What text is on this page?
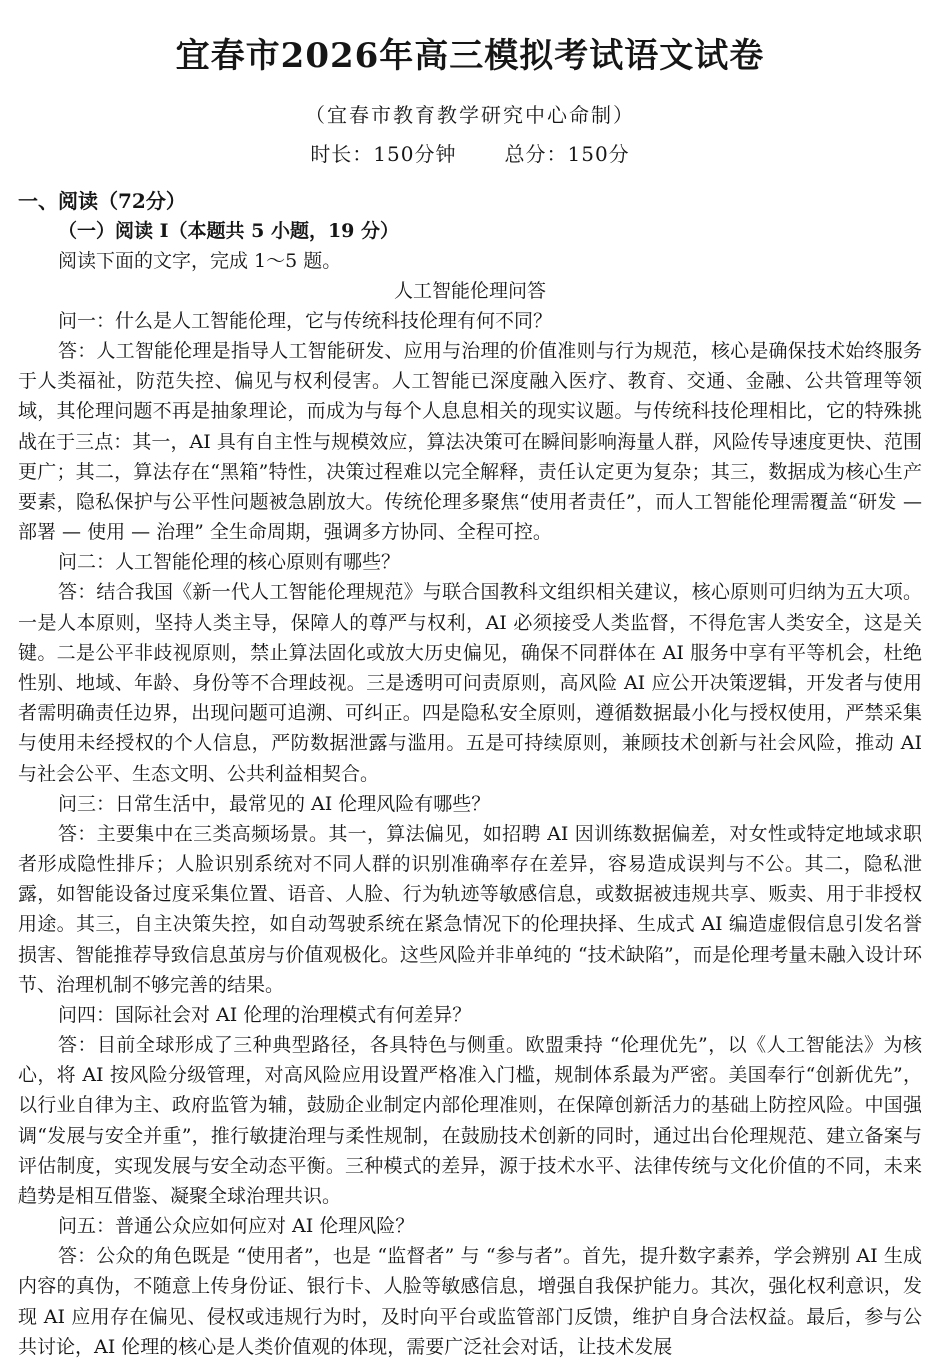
宜春市2026年高三模拟考试语文试卷
（宜春市教育教学研究中心命制）
时长：150分钟 总分：150分
一、阅读（72分）
（一）阅读 I（本题共 5 小题，19 分）
阅读下面的文字，完成 1～5 题。
人工智能伦理问答
问一：什么是人工智能伦理，它与传统科技伦理有何不同？

答：人工智能伦理是指导人工智能研发、应用与治理的价值准则与行为规范，核心是确保技术始终服务于人类福祉，防范失控、偏见与权利侵害。人工智能已深度融入医疗、教育、交通、金融、公共管理等领域，其伦理问题不再是抽象理论，而成为与每个人息息相关的现实议题。与传统科技伦理相比，它的特殊挑战在于三点：其一，AI 具有自主性与规模效应，算法决策可在瞬间影响海量人群，风险传导速度更快、范围更广；其二，算法存在“黑箱”特性，决策过程难以完全解释，责任认定更为复杂；其三，数据成为核心生产要素，隐私保护与公平性问题被急剧放大。传统伦理多聚焦“使用者责任”，而人工智能伦理需覆盖“研发 — 部署 — 使用 — 治理” 全生命周期，强调多方协同、全程可控。

问二：人工智能伦理的核心原则有哪些？

答：结合我国《新一代人工智能伦理规范》与联合国教科文组织相关建议，核心原则可归纳为五大项。一是人本原则，坚持人类主导，保障人的尊严与权利，AI 必须接受人类监督，不得危害人类安全，这是关键。二是公平非歧视原则，禁止算法固化或放大历史偏见，确保不同群体在 AI 服务中享有平等机会，杜绝性别、地域、年龄、身份等不合理歧视。三是透明可问责原则，高风险 AI 应公开决策逻辑，开发者与使用者需明确责任边界，出现问题可追溯、可纠正。四是隐私安全原则，遵循数据最小化与授权使用，严禁采集与使用未经授权的个人信息，严防数据泄露与滥用。五是可持续原则，兼顾技术创新与社会风险，推动 AI 与社会公平、生态文明、公共利益相契合。

问三：日常生活中，最常见的 AI 伦理风险有哪些？

答：主要集中在三类高频场景。其一，算法偏见，如招聘 AI 因训练数据偏差，对女性或特定地域求职者形成隐性排斥；人脸识别系统对不同人群的识别准确率存在差异，容易造成误判与不公。其二，隐私泄露，如智能设备过度采集位置、语音、人脸、行为轨迹等敏感信息，或数据被违规共享、贩卖、用于非授权用途。其三，自主决策失控，如自动驾驶系统在紧急情况下的伦理抉择、生成式 AI 编造虚假信息引发名誉损害、智能推荐导致信息茧房与价值观极化。这些风险并非单纯的 “技术缺陷”，而是伦理考量未融入设计环节、治理机制不够完善的结果。

问四：国际社会对 AI 伦理的治理模式有何差异？

答：目前全球形成了三种典型路径，各具特色与侧重。欧盟秉持 “伦理优先”，以《人工智能法》为核心，将 AI 按风险分级管理，对高风险应用设置严格准入门槛，规制体系最为严密。美国奉行“创新优先”，以行业自律为主、政府监管为辅，鼓励企业制定内部伦理准则，在保障创新活力的基础上防控风险。中国强调“发展与安全并重”，推行敏捷治理与柔性规制，在鼓励技术创新的同时，通过出台伦理规范、建立备案与评估制度，实现发展与安全动态平衡。三种模式的差异，源于技术水平、法律传统与文化价值的不同，未来趋势是相互借鉴、凝聚全球治理共识。

问五：普通公众应如何应对 AI 伦理风险？

答：公众的角色既是 “使用者”，也是 “监督者” 与 “参与者”。首先，提升数字素养，学会辨别 AI 生成内容的真伪，不随意上传身份证、银行卡、人脸等敏感信息，增强自我保护能力。其次，强化权利意识，发现 AI 应用存在偏见、侵权或违规行为时，及时向平台或监管部门反馈，维护自身合法权益。最后，参与公共讨论，AI 伦理的核心是人类价值观的体现，需要广泛社会对话，让技术发展
